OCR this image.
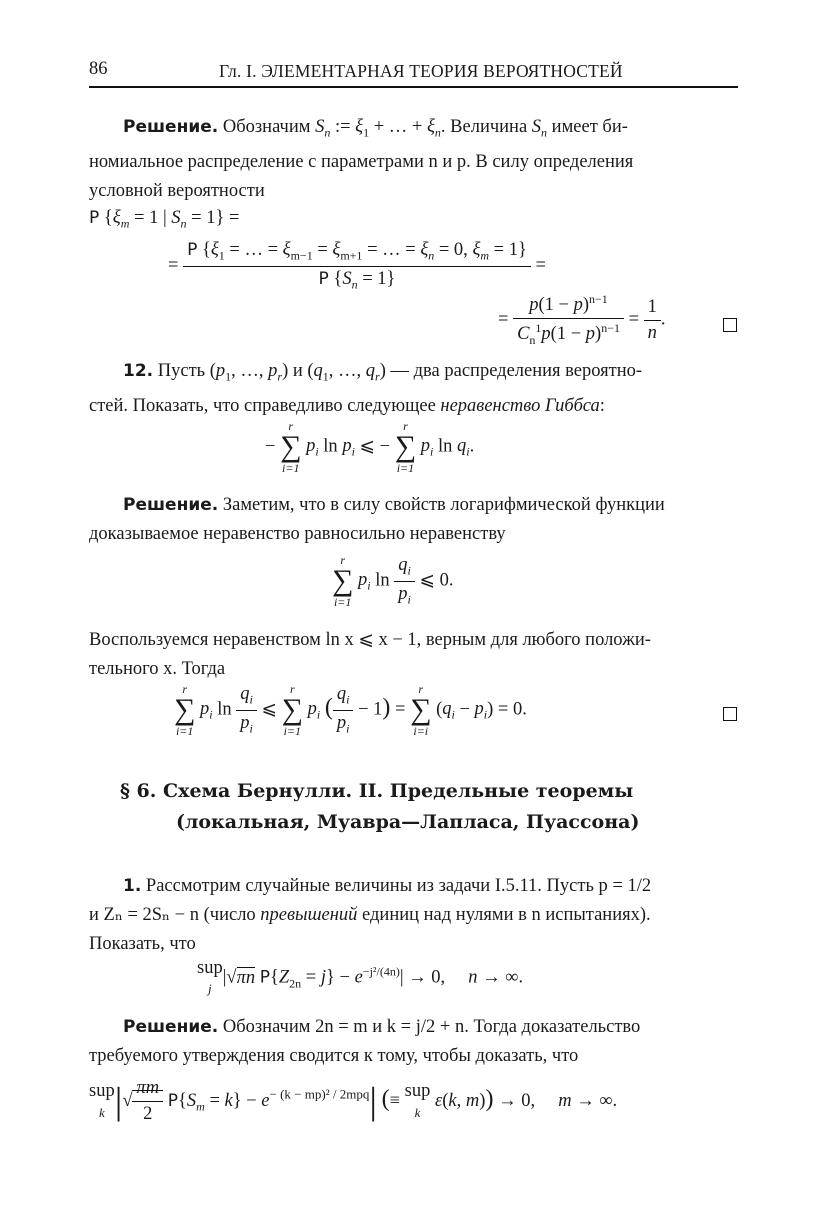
86	Гл. I. ЭЛЕМЕНТАРНАЯ ТЕОРИЯ ВЕРОЯТНОСТЕЙ
Решение. Обозначим $S_n$ := $\xi_1$ + … + $\xi_n$. Величина $S_n$ имеет би-
номиальное распределение с параметрами n и p. В силу определения
условной вероятности
P {$\xi_m = 1$ | $S_n = 1$} =
= $\frac{P \{\xi_1 = \dots = \xi_{m-1} = \xi_{m+1} = \dots = \xi_n = 0, \xi_m = 1\}}{P \{S_n = 1\}}$ =
= $\frac{p(1 - p)^{n-1}}{C_n^1p(1 - p)^{n-1}} = \frac{1}{n}$ .
12. Пусть ($p_1$, …, $p_r$) и ($q_1$, …, $q_r$) — два распределения вероятно-
стей. Показать, что справедливо следующее неравенство Гиббса:
−
r
∑
i=1
$p_i$ $\ln p_i$ ⩽ −
r
∑
i=1
$p_i$ $\ln q_i$.
Решение. Заметим, что в силу свойств логарифмической функции
доказываемое неравенство равносильно неравенству
r
∑
i=1
$p_i$ $\ln \frac{q_i}{p_i}$ ⩽ 0.
Воспользуемся неравенством ln x ⩽ x − 1, верным для любого положи-
тельного x. Тогда
r
∑
i=1
$p_i$ $\ln \frac{q_i}{p_i}$ ⩽
r
∑
i=1
$p_i$ ( $\frac{q_i}{p_i} - 1$) =
r
∑
i=i
$(q_i - p_i) = 0$.
§ 6. Схема Бернулли. II. Предельные теоремы
(локальная, Муавра—Лапласа, Пуассона)
1. Рассмотрим случайные величины из задачи I.5.11. Пусть p = 1/2
и Zₙ = 2Sₙ − n (число превышений единиц над нулями в n испытаниях).
Показать, что
sup
j|√πn $P\{Z_{2n} = j\} - e^{-j^2/(4n)}| \to 0$,     n → ∞.
Решение. Обозначим 2n = m и k = j/2 + n. Тогда доказательство
требуемого утверждения сводится к тому, чтобы доказать, что
sup
k |√ $\frac{\pi m}{2} P\{S_m = k\} - e^{- (k - mp)^2 / 2mpq}|$ (≡ sup
k ε(k, m)) → 0,     m → ∞.
